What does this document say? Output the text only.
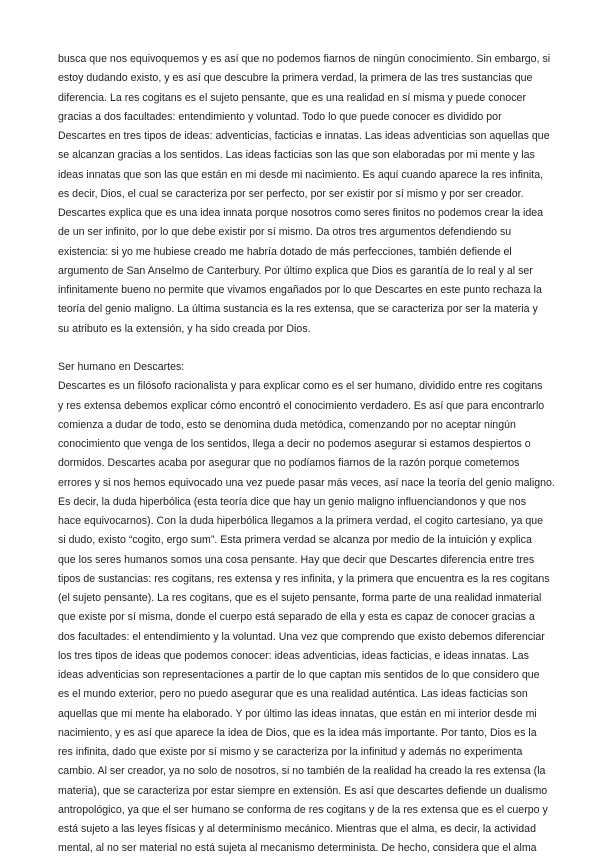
busca que nos equivoquemos y es así que no podemos fiarnos de ningún conocimiento. Sin embargo, si
estoy dudando existo, y es así que descubre la primera verdad, la primera de las tres sustancias que
diferencia. La res cogitans es el sujeto pensante, que es una realidad en sí misma y puede conocer
gracias a dos facultades: entendimiento y voluntad. Todo lo que puede conocer es dividido por
Descartes en tres tipos de ideas: adventicias, facticias e innatas. Las ideas adventicias son aquellas que
se alcanzan gracias a los sentidos. Las ideas facticias son las que son elaboradas por mi mente y las
ideas innatas que son las que están en mi desde mi nacimiento. Es aquí cuando aparece la res infinita,
es decir, Dios, el cual se caracteriza por ser perfecto, por ser existir por sí mismo y por ser creador.
Descartes explica que es una idea innata porque nosotros como seres finitos no podemos crear la idea
de un ser infinito, por lo que debe existir por sí mismo. Da otros tres argumentos defendiendo su
existencia: si yo me hubiese creado me habría dotado de más perfecciones, también defiende el
argumento de San Anselmo de Canterbury. Por último explica que Dios es garantía de lo real y al ser
infinitamente bueno no permite que vivamos engañados por lo que Descartes en este punto rechaza la
teoría del genio maligno. La última sustancia es la res extensa, que se caracteriza por ser la materia y
su atributo es la extensión, y ha sido creada por Dios.
Ser humano en Descartes:
Descartes es un filósofo racionalista y para explicar como es el ser humano, dividido entre res cogitans
y res extensa debemos explicar cómo encontró el conocimiento verdadero. Es así que para encontrarlo
comienza a dudar de todo, esto se denomina duda metódica, comenzando por no aceptar ningún
conocimiento que venga de los sentidos, llega a decir no podemos asegurar si estamos despiertos o
dormidos. Descartes acaba por asegurar que no podíamos fiarnos de la razón porque cometemos
errores y si nos hemos equivocado una vez puede pasar más veces, así nace la teoría del genio maligno.
Es decir, la duda hiperbólica (esta teoría dice que hay un genio maligno influenciandonos y que nos
hace equivocarnos). Con la duda hiperbólica llegamos a la primera verdad, el cogito cartesiano, ya que
si dudo, existo “cogito, ergo sum”. Esta primera verdad se alcanza por medio de la intuición y explica
que los seres humanos somos una cosa pensante. Hay que decir que Descartes diferencia entre tres
tipos de sustancias: res cogitans, res extensa y res infinita, y la primera que encuentra es la res cogitans
(el sujeto pensante). La res cogitans, que es el sujeto pensante, forma parte de una realidad inmaterial
que existe por sí misma, donde el cuerpo está separado de ella y esta es capaz de conocer gracias a
dos facultades: el entendimiento y la voluntad. Una vez que comprendo que existo debemos diferenciar
los tres tipos de ideas que podemos conocer: ideas adventicias, ideas facticias, e ideas innatas. Las
ideas adventicias son representaciones a partir de lo que captan mis sentidos de lo que considero que
es el mundo exterior, pero no puedo asegurar que es una realidad auténtica. Las ideas facticias son
aquellas que mi mente ha elaborado. Y por último las ideas innatas, que están en mi interior desde mi
nacimiento, y es así que aparece la idea de Dios, que es la idea más importante. Por tanto, Dios es la
res infinita, dado que existe por sí mismo y se caracteriza por la infinitud y además no experimenta
cambio. Al ser creador, ya no solo de nosotros, si no también de la realidad ha creado la res extensa (la
materia), que se caracteriza por estar siempre en extensión. Es así que descartes defiende un dualismo
antropológico, ya que el ser humano se conforma de res cogitans y de la res extensa que es el cuerpo y
está sujeto a las leyes físicas y al determinismo mecánico. Mientras que el alma, es decir, la actividad
mental, al no ser material no está sujeta al mecanismo determinista. De hecho, considera que el alma
